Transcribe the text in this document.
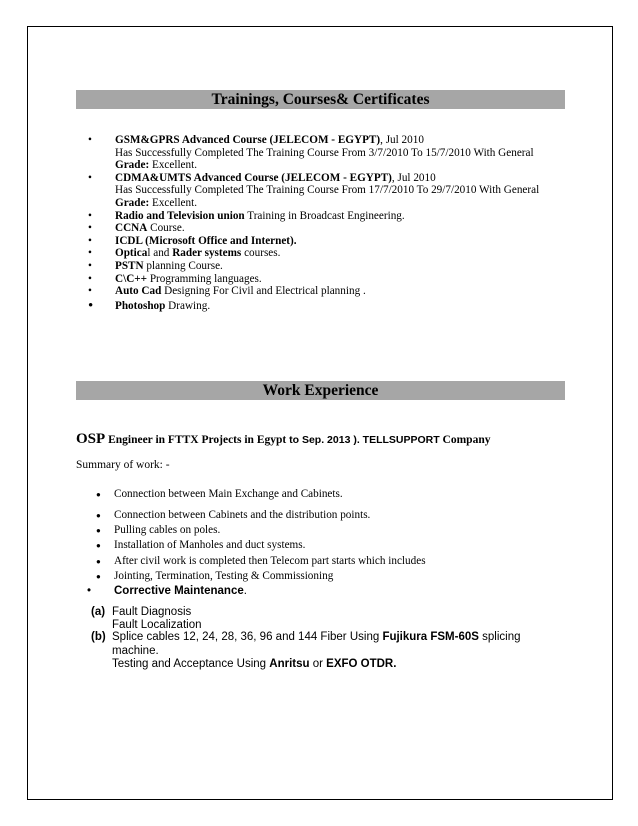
Trainings, Courses& Certificates
• GSM&GPRS Advanced Course (JELECOM - EGYPT), Jul 2010
Has Successfully Completed The Training Course From 3/7/2010 To 15/7/2010 With General
Grade: Excellent.
• CDMA&UMTS Advanced Course (JELECOM - EGYPT), Jul 2010
Has Successfully Completed The Training Course From 17/7/2010 To 29/7/2010 With General
Grade: Excellent.
• Radio and Television union Training in Broadcast Engineering.
• CCNA Course.
• ICDL (Microsoft Office and Internet).
• Optical and Rader systems courses.
• PSTN planning Course.
• C\C++ Programming languages.
• Auto Cad Designing For Civil and Electrical planning .
• Photoshop Drawing.
Work Experience
OSP Engineer in FTTX Projects in Egypt to Sep. 2013 ). TELLSUPPORT Company
Summary of work: -
● Connection between Main Exchange and Cabinets.
● Connection between Cabinets and the distribution points.
● Pulling cables on poles.
● Installation of Manholes and duct systems.
● After civil work is completed then Telecom part starts which includes
● Jointing, Termination, Testing & Commissioning
• Corrective Maintenance.
(a) Fault Diagnosis
Fault Localization
(b) Splice cables 12, 24, 28, 36, 96 and 144 Fiber Using Fujikura FSM-60S splicing
machine.
Testing and Acceptance Using Anritsu or EXFO OTDR.
